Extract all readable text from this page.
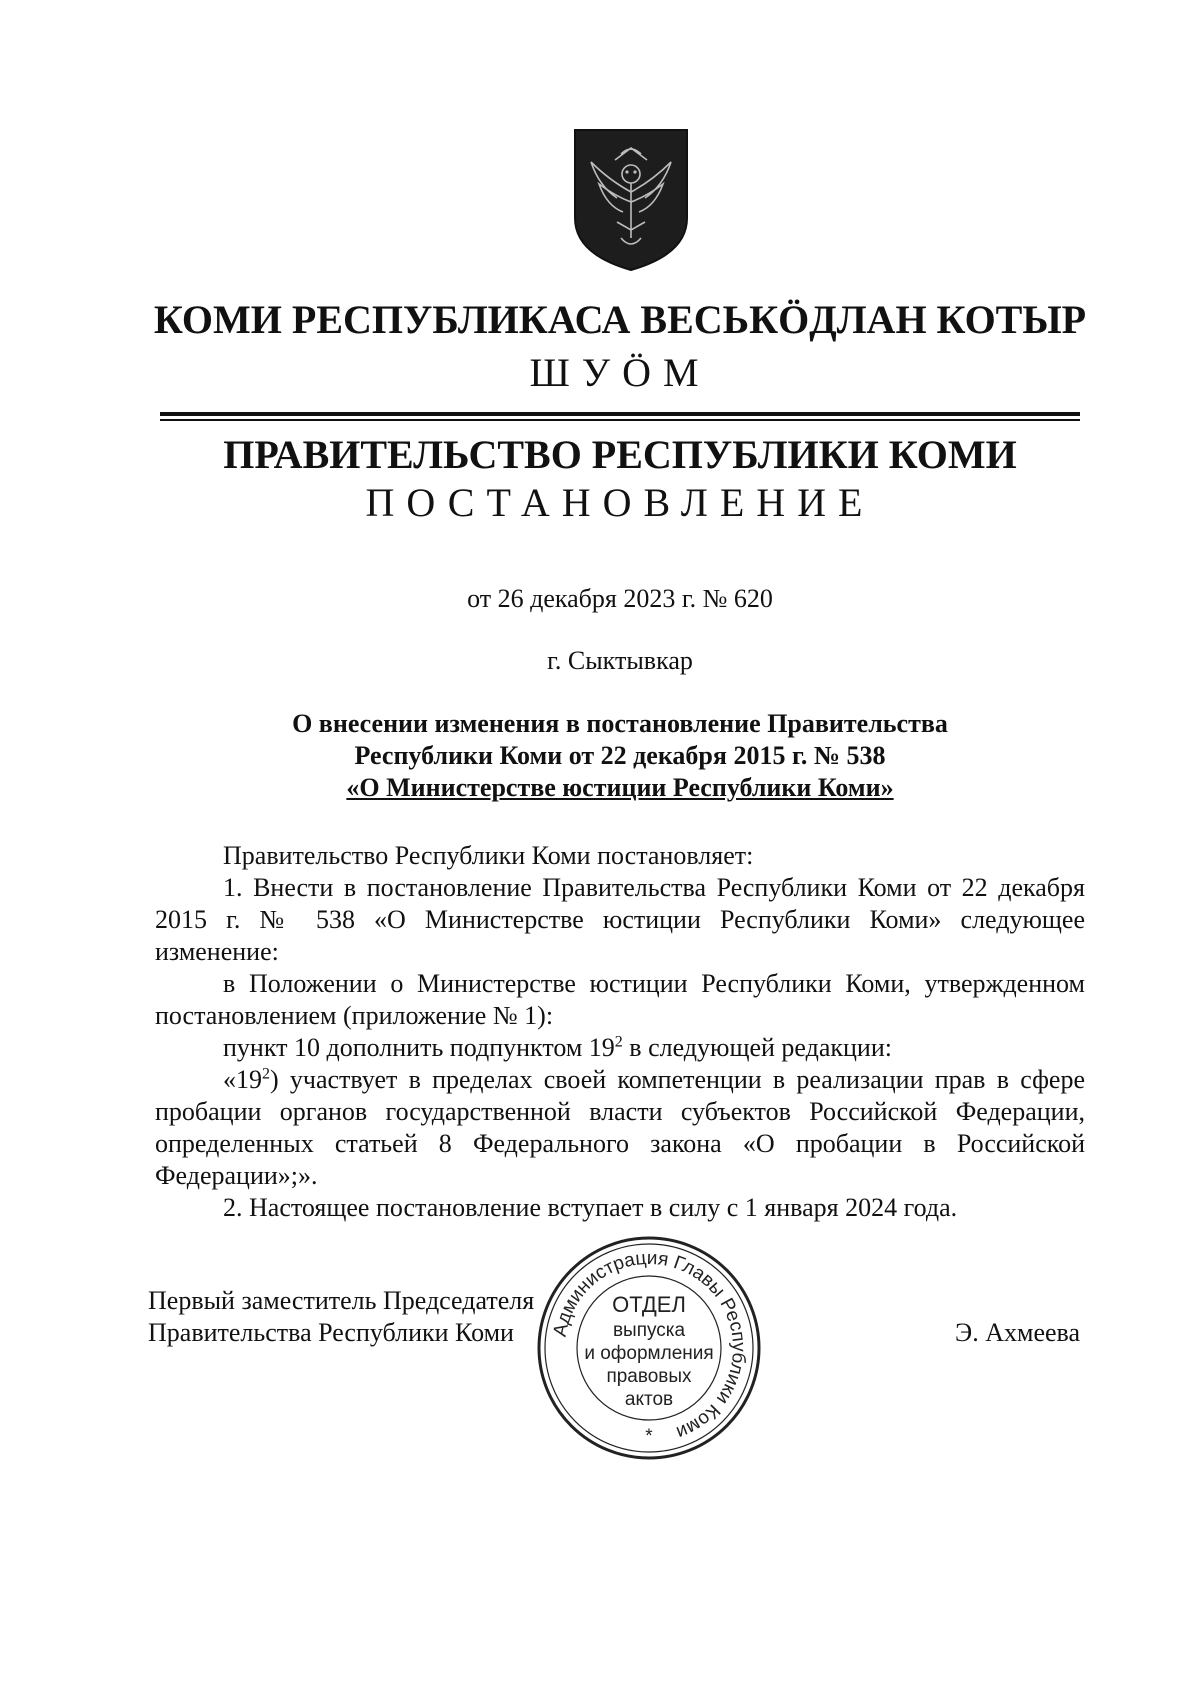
КОМИ РЕСПУБЛИКАСА ВЕСЬКÖДЛАН КОТЫР
ШУÖМ
ПРАВИТЕЛЬСТВО РЕСПУБЛИКИ КОМИ
ПОСТАНОВЛЕНИЕ
от 26 декабря 2023 г. № 620
г. Сыктывкар
О внесении изменения в постановление Правительства
Республики Коми от 22 декабря 2015 г. № 538
«О Министерстве юстиции Республики Коми»

Правительство Республики Коми постановляет:

1. Внести в постановление Правительства Республики Коми от 22 декабря 2015 г. № 538 «О Министерстве юстиции Республики Коми» следующее изменение:

в Положении о Министерстве юстиции Республики Коми, утвержденном постановлением (приложение № 1):

пункт 10 дополнить подпунктом $19^2$ в следующей редакции:

«$19^2$) участвует в пределах своей компетенции в реализации прав в сфере пробации органов государственной власти субъектов Российской Федерации, определенных статьей 8 Федерального закона «О пробации в Российской Федерации»;».

2. Настоящее постановление вступает в силу с 1 января 2024 года.

Первый заместитель Председателя
Правительства Республики Коми	Э. Ахмеева
Администрация Главы Республики Коми
ОТДЕЛ
выпуска
и оформления
правовых
актов
*
